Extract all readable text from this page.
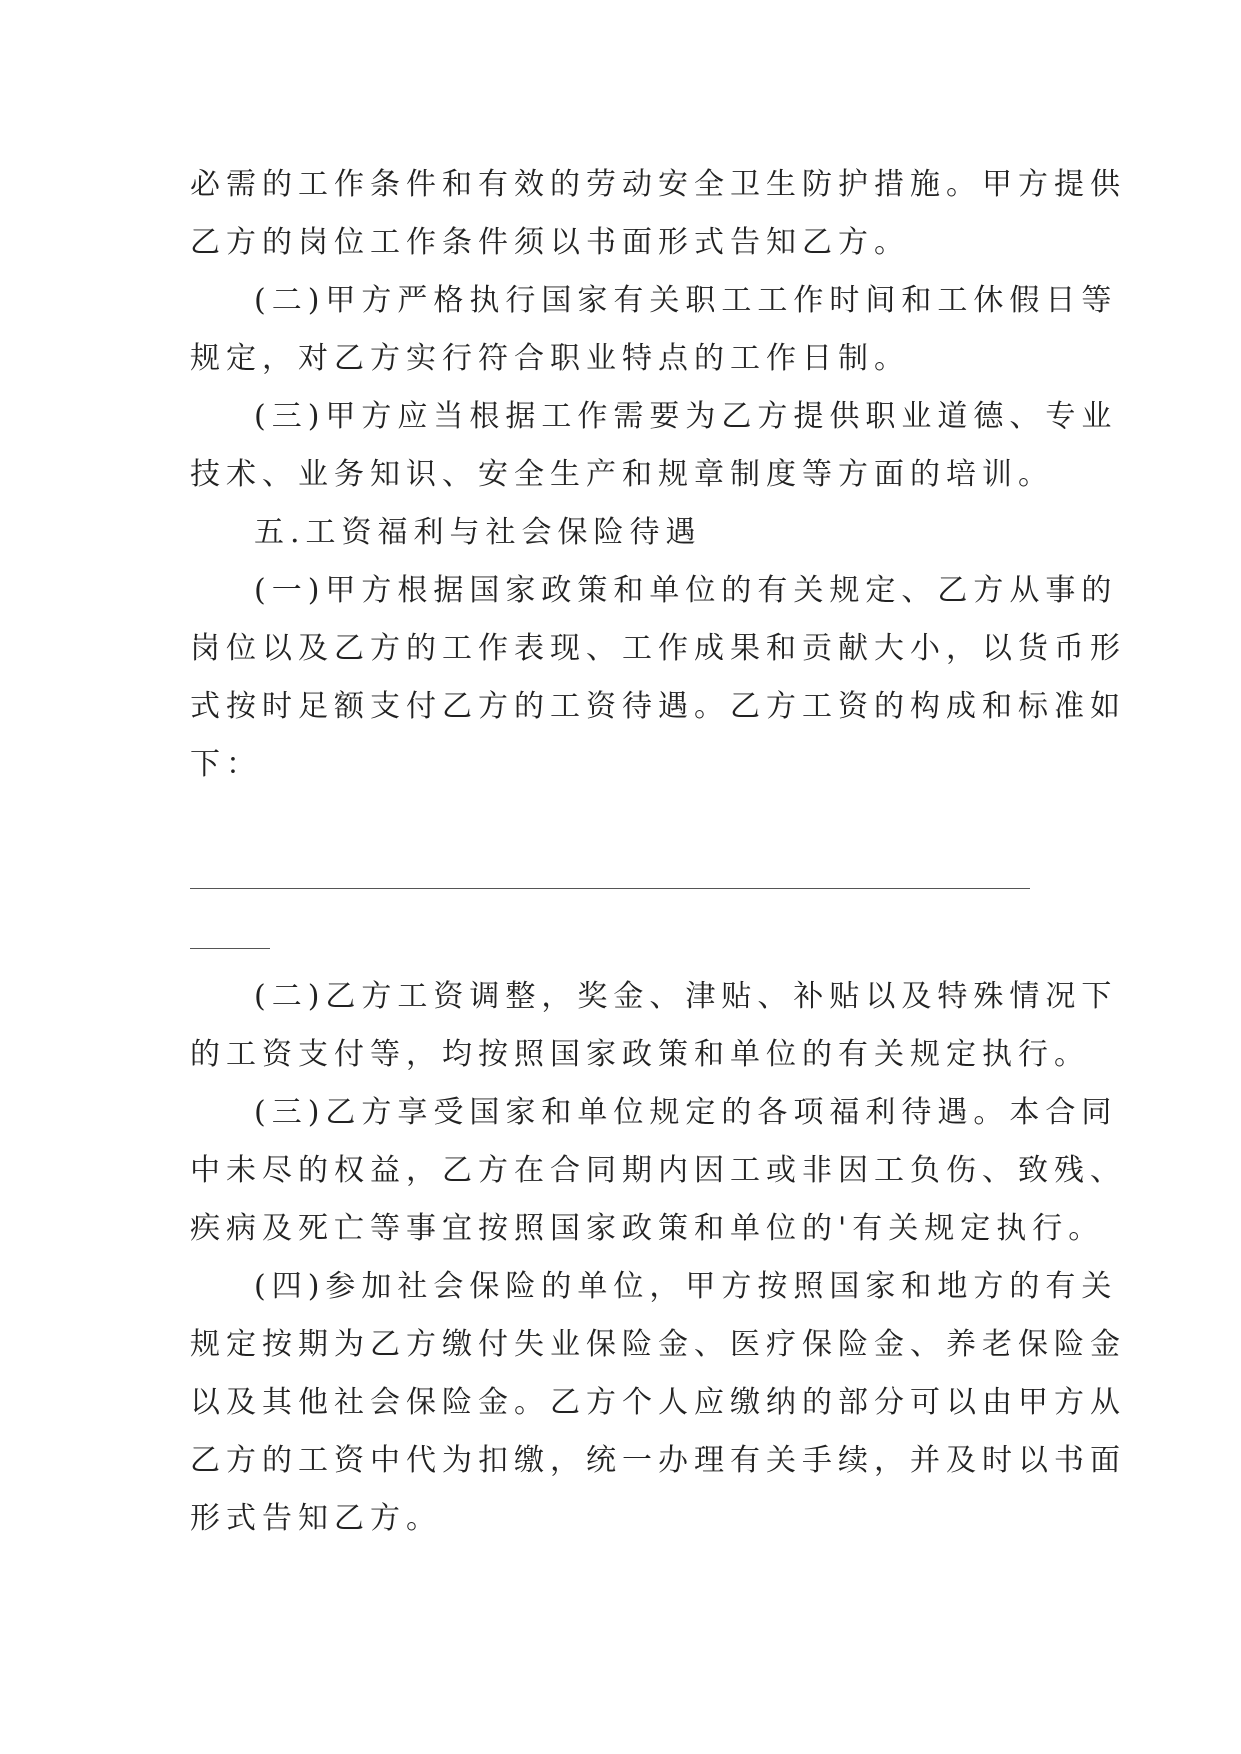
必需的工作条件和有效的劳动安全卫生防护措施。甲方提供
乙方的岗位工作条件须以书面形式告知乙方。
(二)甲方严格执行国家有关职工工作时间和工休假日等
规定，对乙方实行符合职业特点的工作日制。
(三)甲方应当根据工作需要为乙方提供职业道德、专业
技术、业务知识、安全生产和规章制度等方面的培训。
五.工资福利与社会保险待遇
(一)甲方根据国家政策和单位的有关规定、乙方从事的
岗位以及乙方的工作表现、工作成果和贡献大小，以货币形
式按时足额支付乙方的工资待遇。乙方工资的构成和标准如
下：
(二)乙方工资调整，奖金、津贴、补贴以及特殊情况下
的工资支付等，均按照国家政策和单位的有关规定执行。
(三)乙方享受国家和单位规定的各项福利待遇。本合同
中未尽的权益，乙方在合同期内因工或非因工负伤、致残、
疾病及死亡等事宜按照国家政策和单位的'有关规定执行。
(四)参加社会保险的单位，甲方按照国家和地方的有关
规定按期为乙方缴付失业保险金、医疗保险金、养老保险金
以及其他社会保险金。乙方个人应缴纳的部分可以由甲方从
乙方的工资中代为扣缴，统一办理有关手续，并及时以书面
形式告知乙方。
